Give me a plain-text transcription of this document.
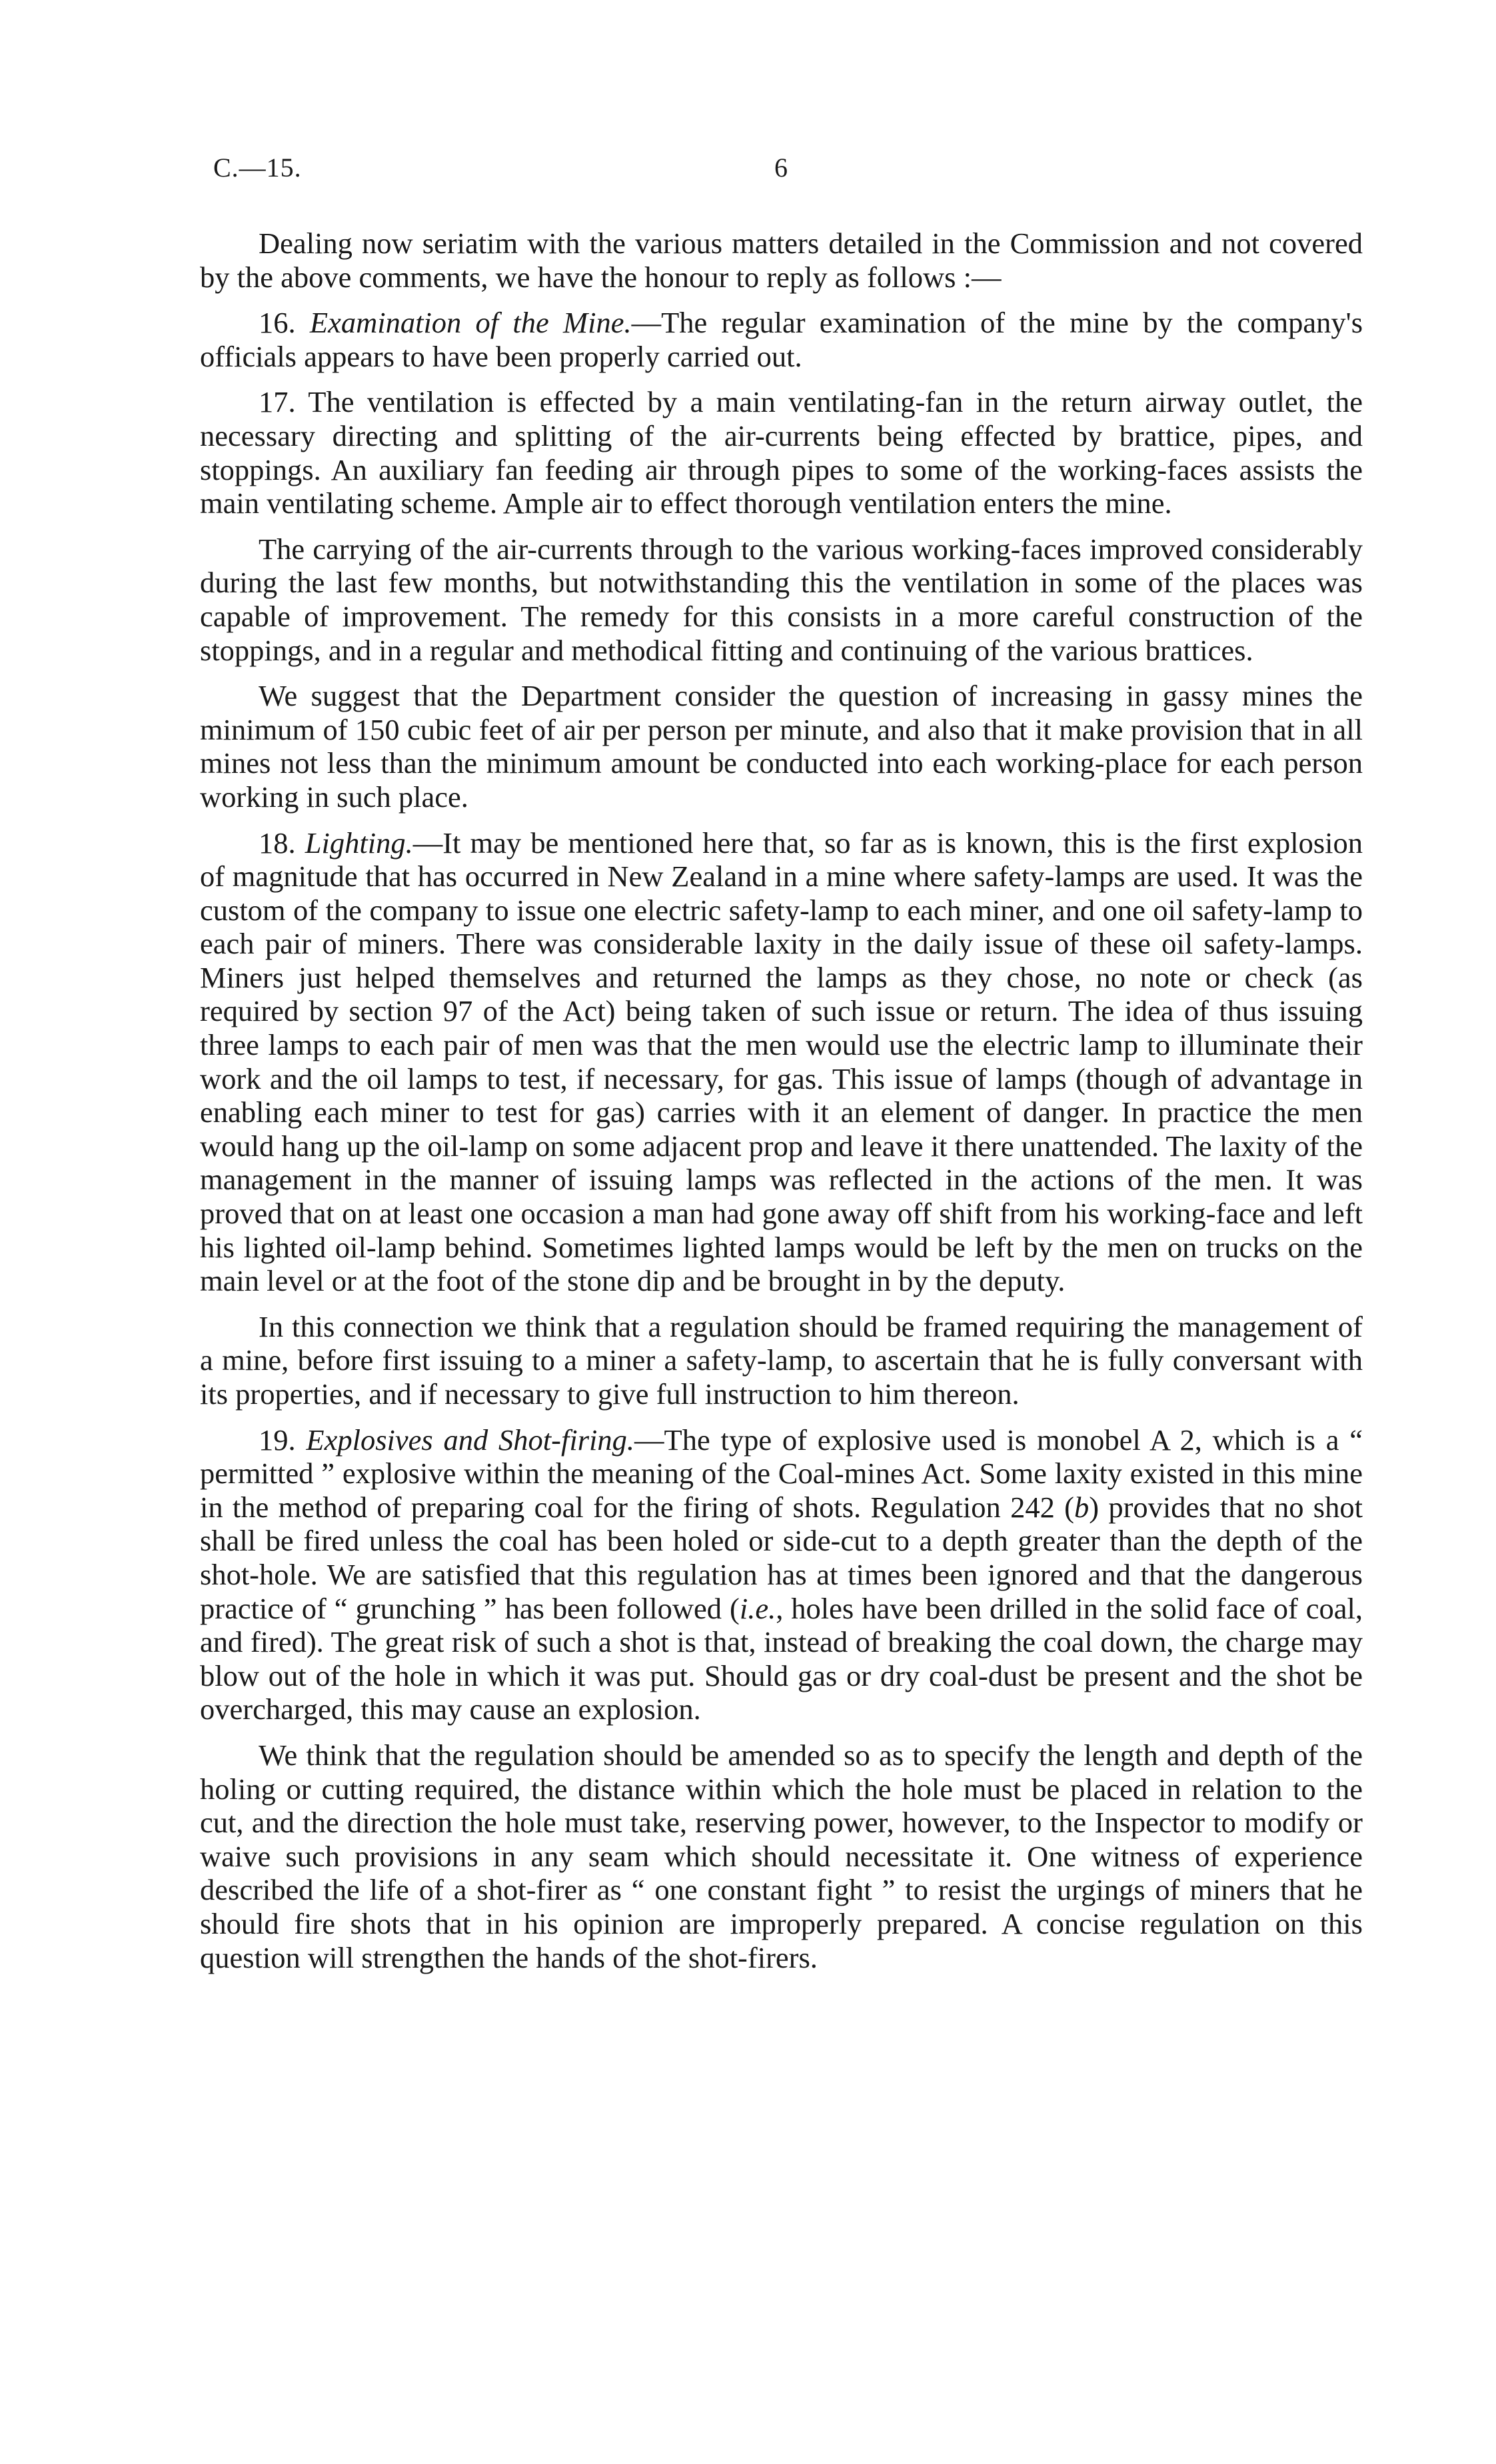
C.—15.	6

Dealing now seriatim with the various matters detailed in the Commission and not covered by the above comments, we have the honour to reply as follows :—

16. Examination of the Mine.—The regular examination of the mine by the company's officials appears to have been properly carried out.

17. The ventilation is effected by a main ventilating-fan in the return airway outlet, the necessary directing and splitting of the air-currents being effected by brattice, pipes, and stoppings. An auxiliary fan feeding air through pipes to some of the working-faces assists the main ventilating scheme. Ample air to effect thorough ventilation enters the mine.

The carrying of the air-currents through to the various working-faces improved considerably during the last few months, but notwithstanding this the ventilation in some of the places was capable of improvement. The remedy for this consists in a more careful construction of the stoppings, and in a regular and methodical fitting and continuing of the various brattices.

We suggest that the Department consider the question of increasing in gassy mines the minimum of 150 cubic feet of air per person per minute, and also that it make provision that in all mines not less than the minimum amount be conducted into each working-place for each person working in such place.

18. Lighting.—It may be mentioned here that, so far as is known, this is the first explosion of magnitude that has occurred in New Zealand in a mine where safety-lamps are used. It was the custom of the company to issue one electric safety-lamp to each miner, and one oil safety-lamp to each pair of miners. There was considerable laxity in the daily issue of these oil safety-lamps. Miners just helped themselves and returned the lamps as they chose, no note or check (as required by section 97 of the Act) being taken of such issue or return. The idea of thus issuing three lamps to each pair of men was that the men would use the electric lamp to illuminate their work and the oil lamps to test, if necessary, for gas. This issue of lamps (though of advantage in enabling each miner to test for gas) carries with it an element of danger. In practice the men would hang up the oil-lamp on some adjacent prop and leave it there unattended. The laxity of the management in the manner of issuing lamps was reflected in the actions of the men. It was proved that on at least one occasion a man had gone away off shift from his working-face and left his lighted oil-lamp behind. Sometimes lighted lamps would be left by the men on trucks on the main level or at the foot of the stone dip and be brought in by the deputy.

In this connection we think that a regulation should be framed requiring the management of a mine, before first issuing to a miner a safety-lamp, to ascertain that he is fully conversant with its properties, and if necessary to give full instruction to him thereon.

19. Explosives and Shot-firing.—The type of explosive used is monobel A 2, which is a “ permitted ” explosive within the meaning of the Coal-mines Act. Some laxity existed in this mine in the method of preparing coal for the firing of shots. Regulation 242 (b) provides that no shot shall be fired unless the coal has been holed or side-cut to a depth greater than the depth of the shot-hole. We are satisfied that this regulation has at times been ignored and that the dangerous practice of “ grunching ” has been followed (i.e., holes have been drilled in the solid face of coal, and fired). The great risk of such a shot is that, instead of breaking the coal down, the charge may blow out of the hole in which it was put. Should gas or dry coal-dust be present and the shot be overcharged, this may cause an explosion.

We think that the regulation should be amended so as to specify the length and depth of the holing or cutting required, the distance within which the hole must be placed in relation to the cut, and the direction the hole must take, reserving power, however, to the Inspector to modify or waive such provisions in any seam which should necessitate it. One witness of experience described the life of a shot-firer as “ one constant fight ” to resist the urgings of miners that he should fire shots that in his opinion are improperly prepared. A concise regulation on this question will strengthen the hands of the shot-firers.
